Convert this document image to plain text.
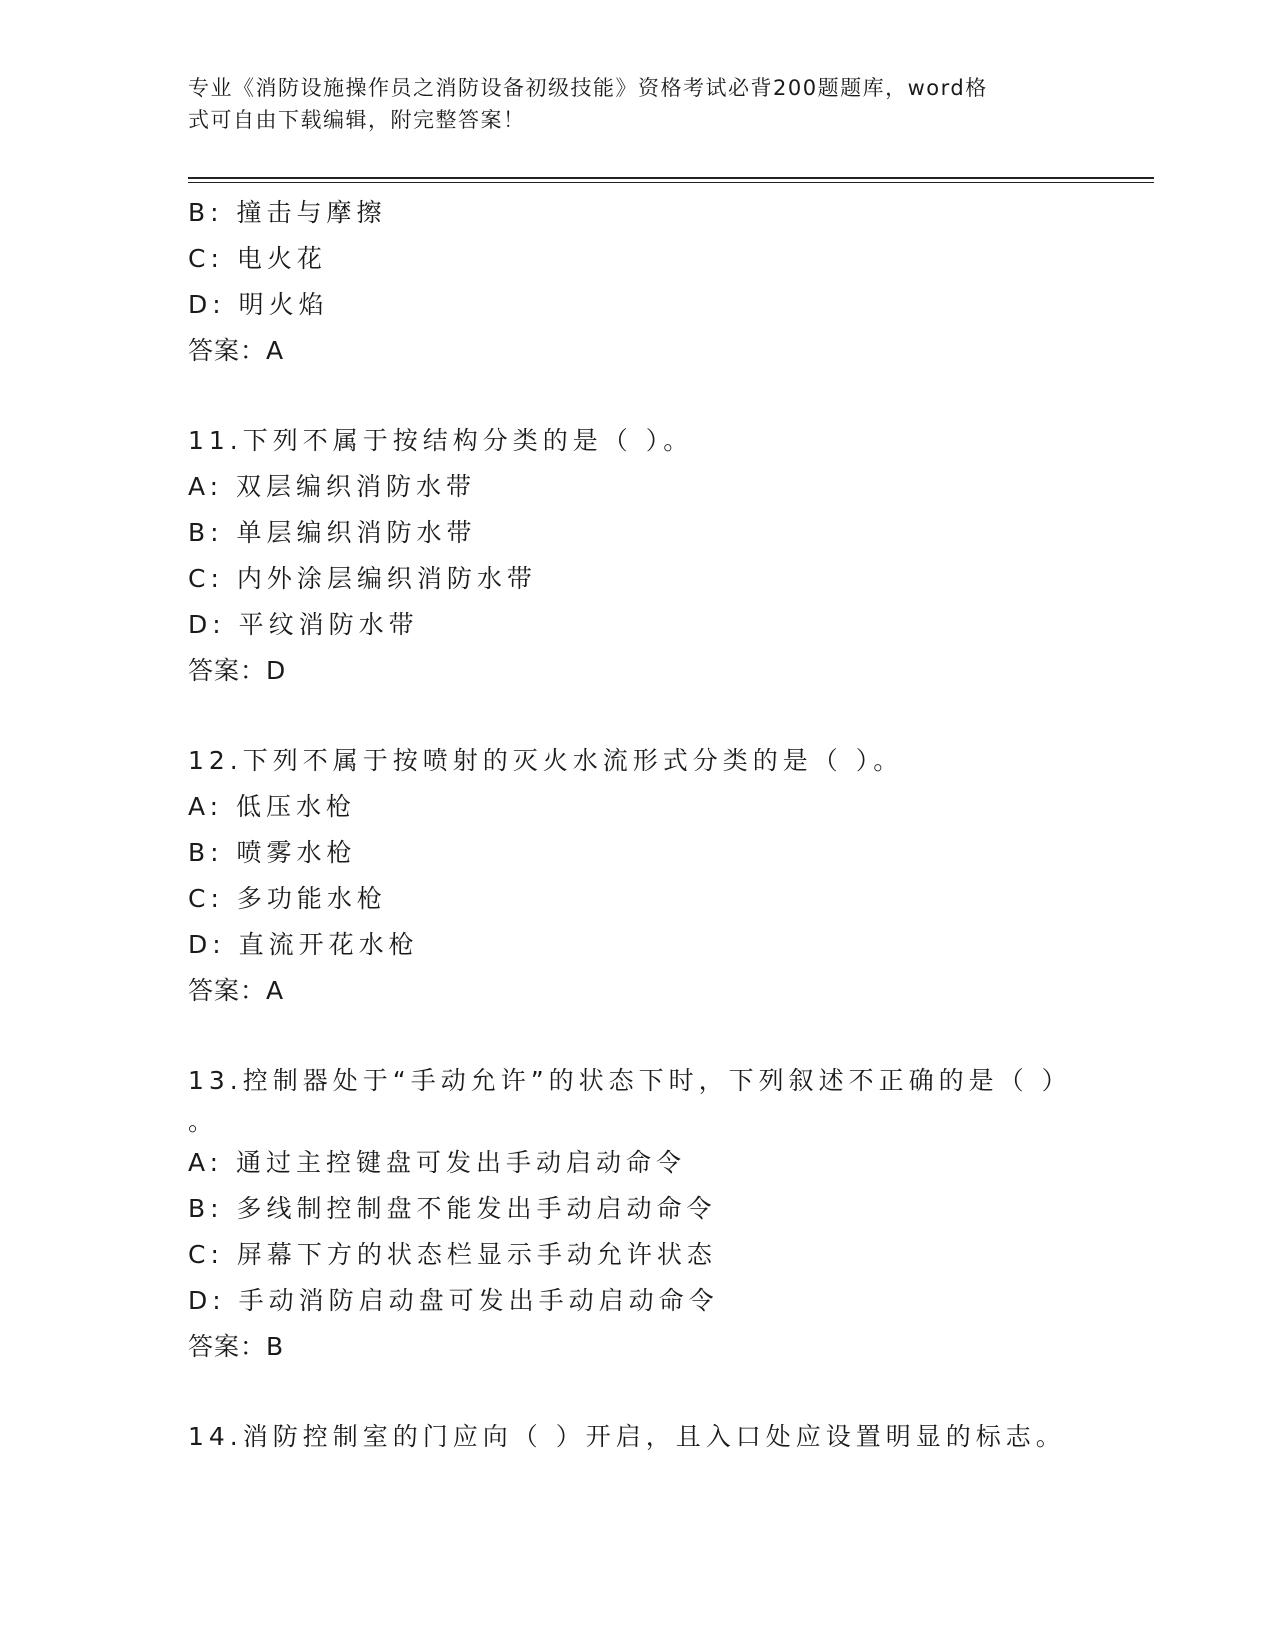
专业《消防设施操作员之消防设备初级技能》资格考试必背200题题库，word格
式可自由下载编辑，附完整答案！
B: 撞击与摩擦
C: 电火花
D: 明火焰
答案：A
11.下列不属于按结构分类的是（ ）。
A: 双层编织消防水带
B: 单层编织消防水带
C: 内外涂层编织消防水带
D: 平纹消防水带
答案：D
12.下列不属于按喷射的灭火水流形式分类的是（ ）。
A: 低压水枪
B: 喷雾水枪
C: 多功能水枪
D: 直流开花水枪
答案：A
13.控制器处于“手动允许”的状态下时，下列叙述不正确的是（ ）
。
A: 通过主控键盘可发出手动启动命令
B: 多线制控制盘不能发出手动启动命令
C: 屏幕下方的状态栏显示手动允许状态
D: 手动消防启动盘可发出手动启动命令
答案：B
14.消防控制室的门应向（ ）开启，且入口处应设置明显的标志。
